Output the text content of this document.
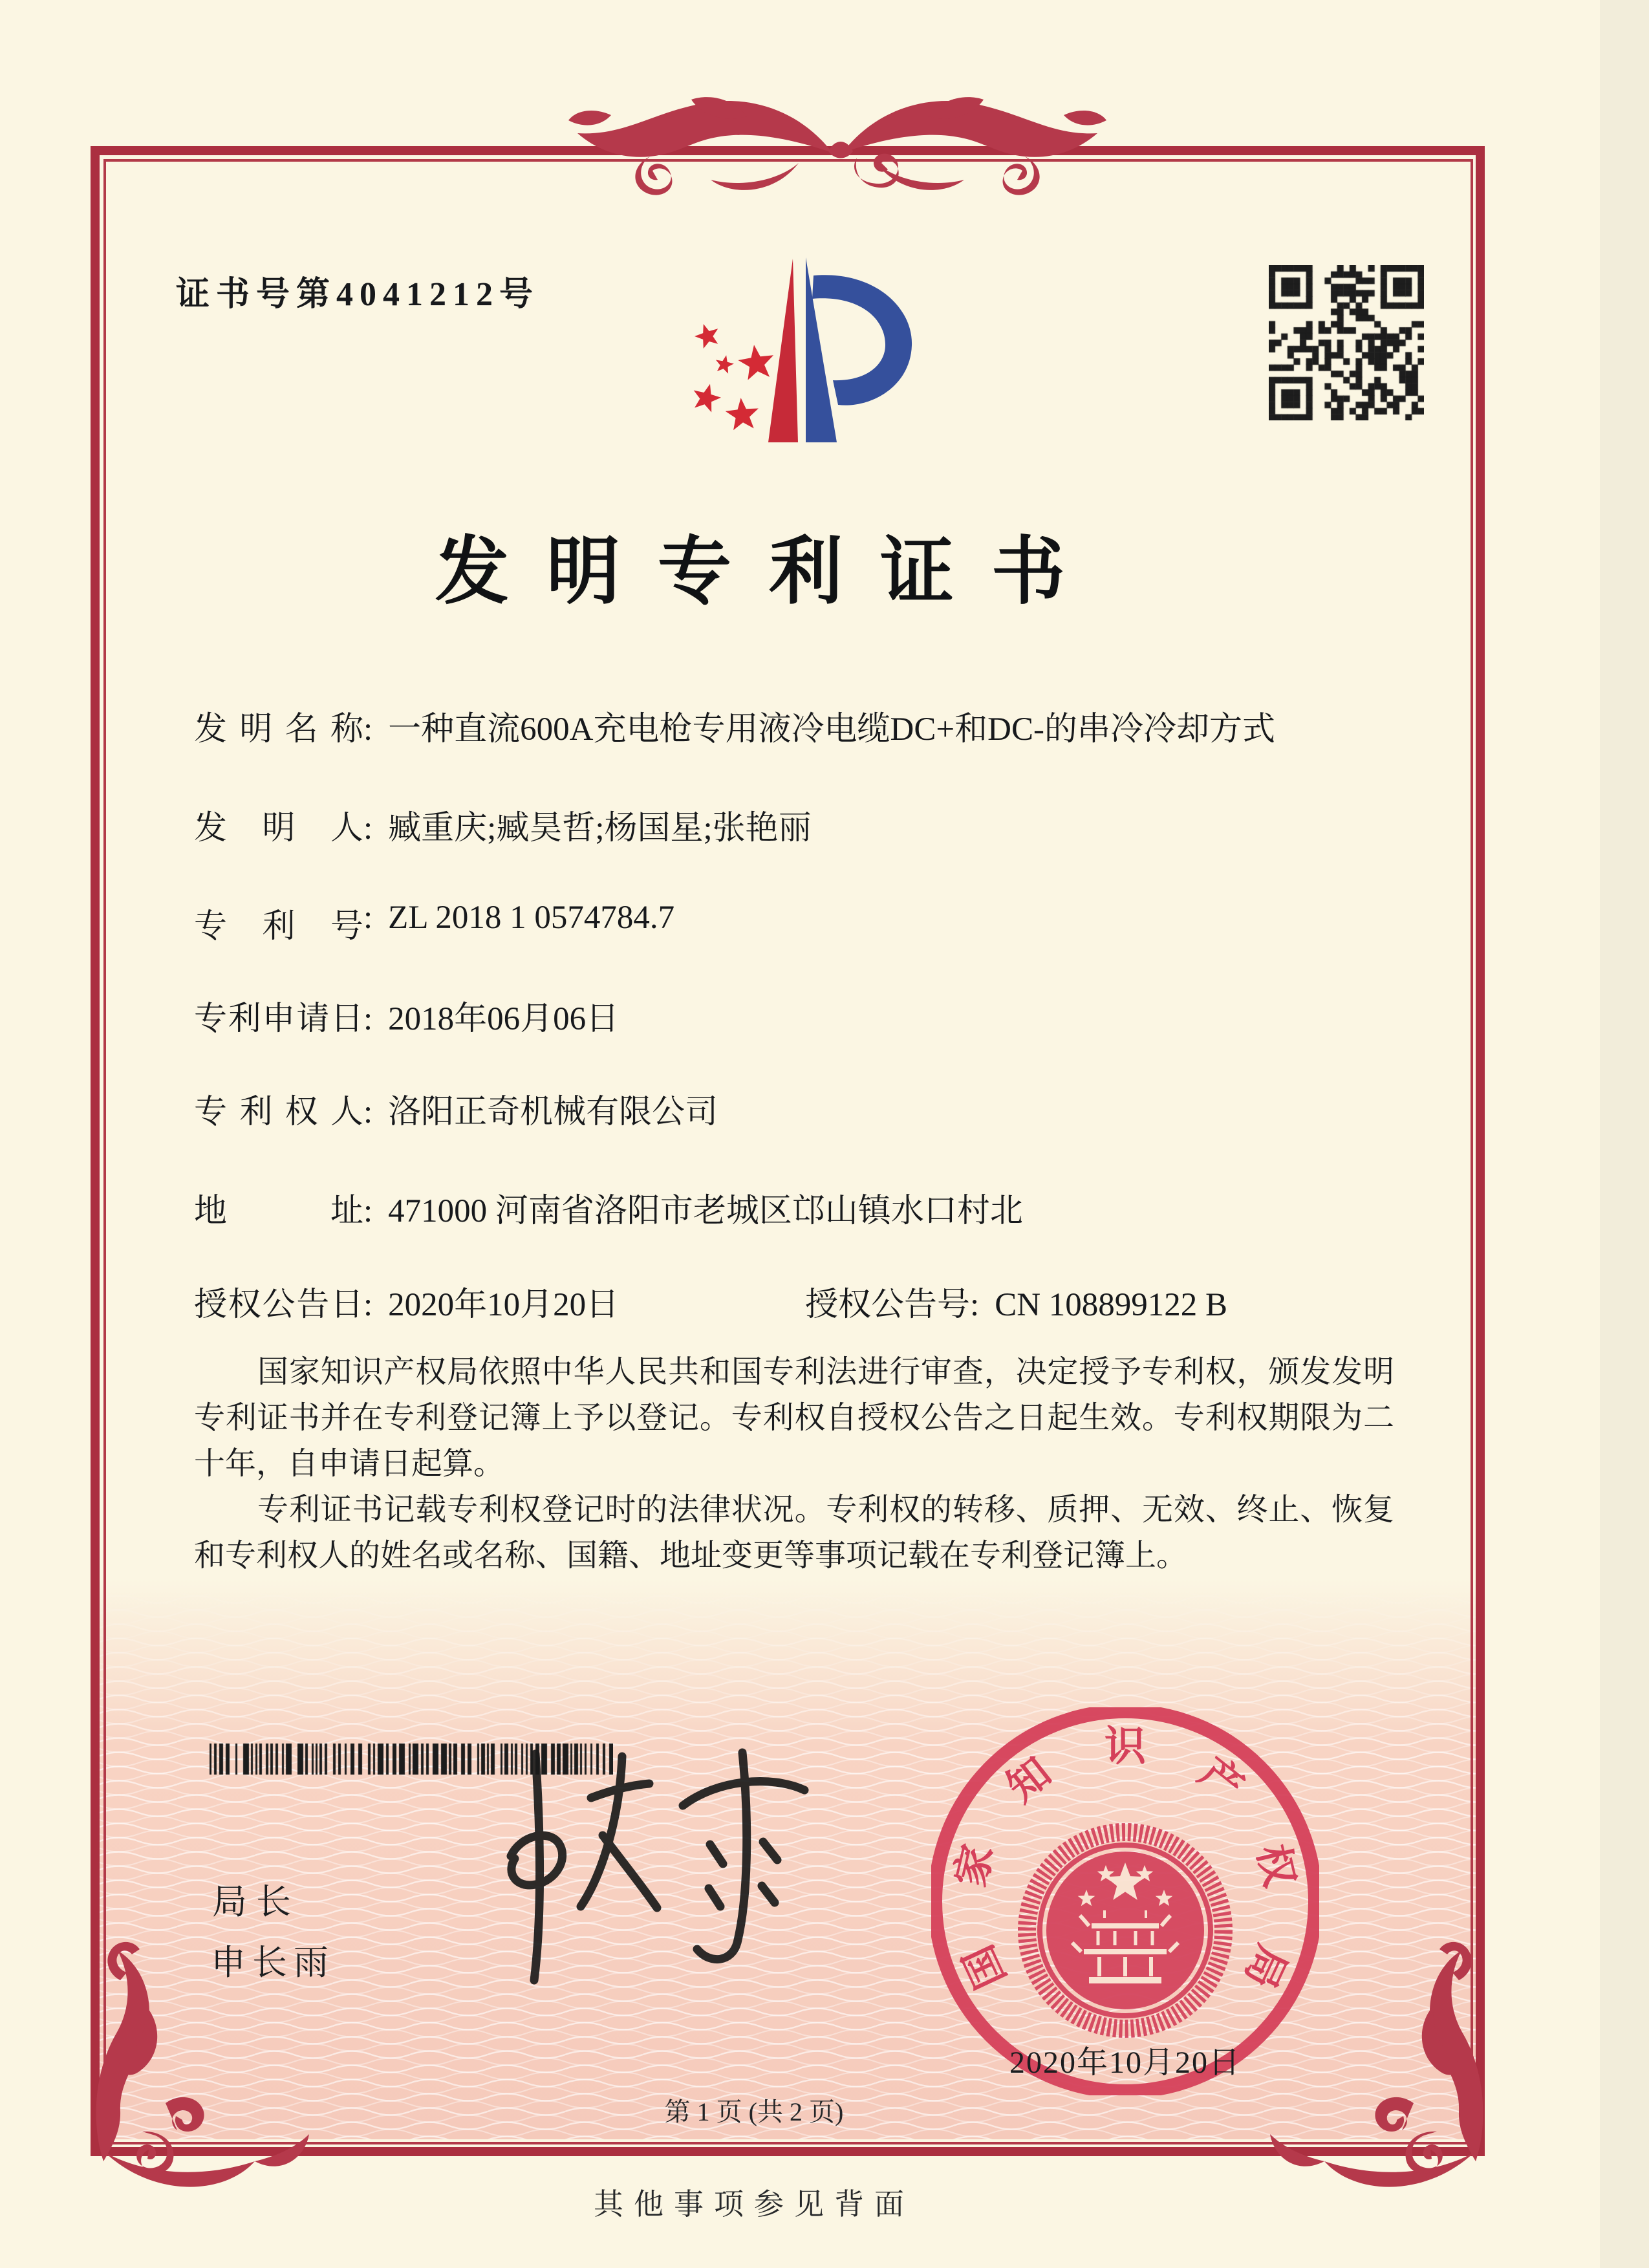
证书号第4041212号
发明专利证书
发明名称: 一种直流600A充电枪专用液冷电缆DC+和DC-的串冷冷却方式
发明人: 臧重庆;臧昊哲;杨国星;张艳丽
专利号: ZL 2018 1 0574784.7
专利申请日: 2018年06月06日
专利权人: 洛阳正奇机械有限公司
地址: 471000 河南省洛阳市老城区邙山镇水口村北
授权公告日: 2020年10月20日	授权公告号: CN 108899122 B

国家知识产权局依照中华人民共和国专利法进行审查，决定授予专利权，颁发发明专利证书并在专利登记簿上予以登记。专利权自授权公告之日起生效。专利权期限为二十年，自申请日起算。

专利证书记载专利权登记时的法律状况。专利权的转移、质押、无效、终止、恢复和专利权人的姓名或名称、国籍、地址变更等事项记载在专利登记簿上。

局长
申长雨	国
家
知
识
产
权
局
2020年10月20日
第 1 页 (共 2 页)
其他事项参见背面
